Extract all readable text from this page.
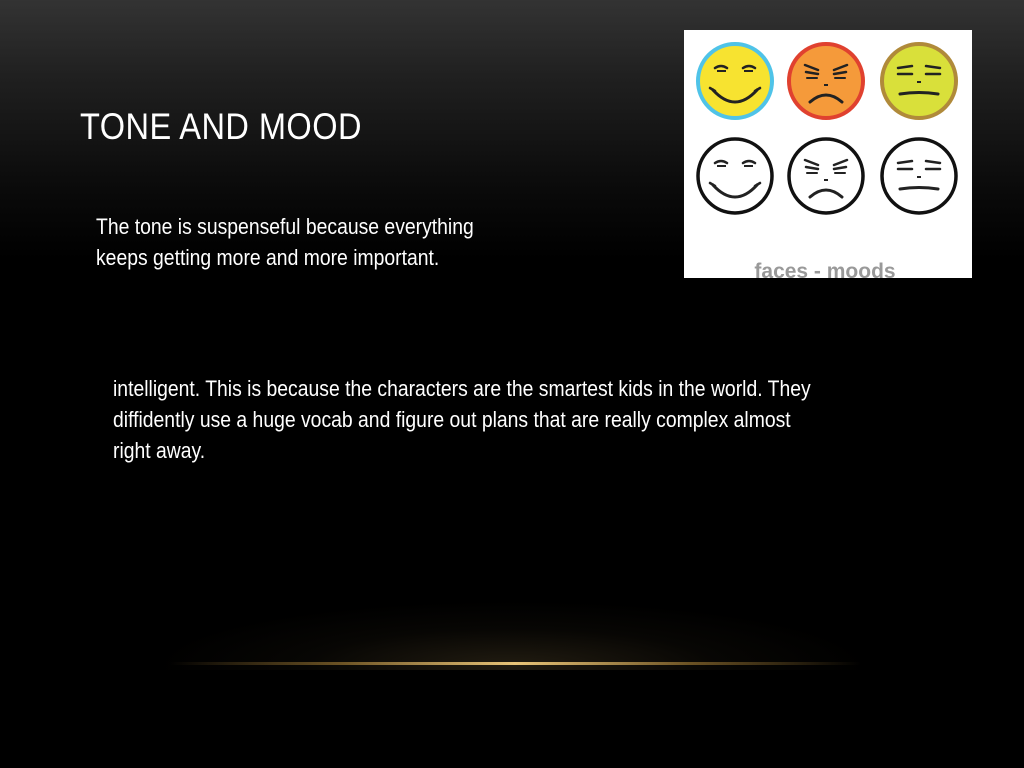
TONE AND MOOD
The tone is suspenseful because everything keeps getting more and more important.
intelligent. This is because the characters are the smartest kids in the world. They diffidently use a huge vocab and figure out plans that are really complex almost right away.
faces - moods
